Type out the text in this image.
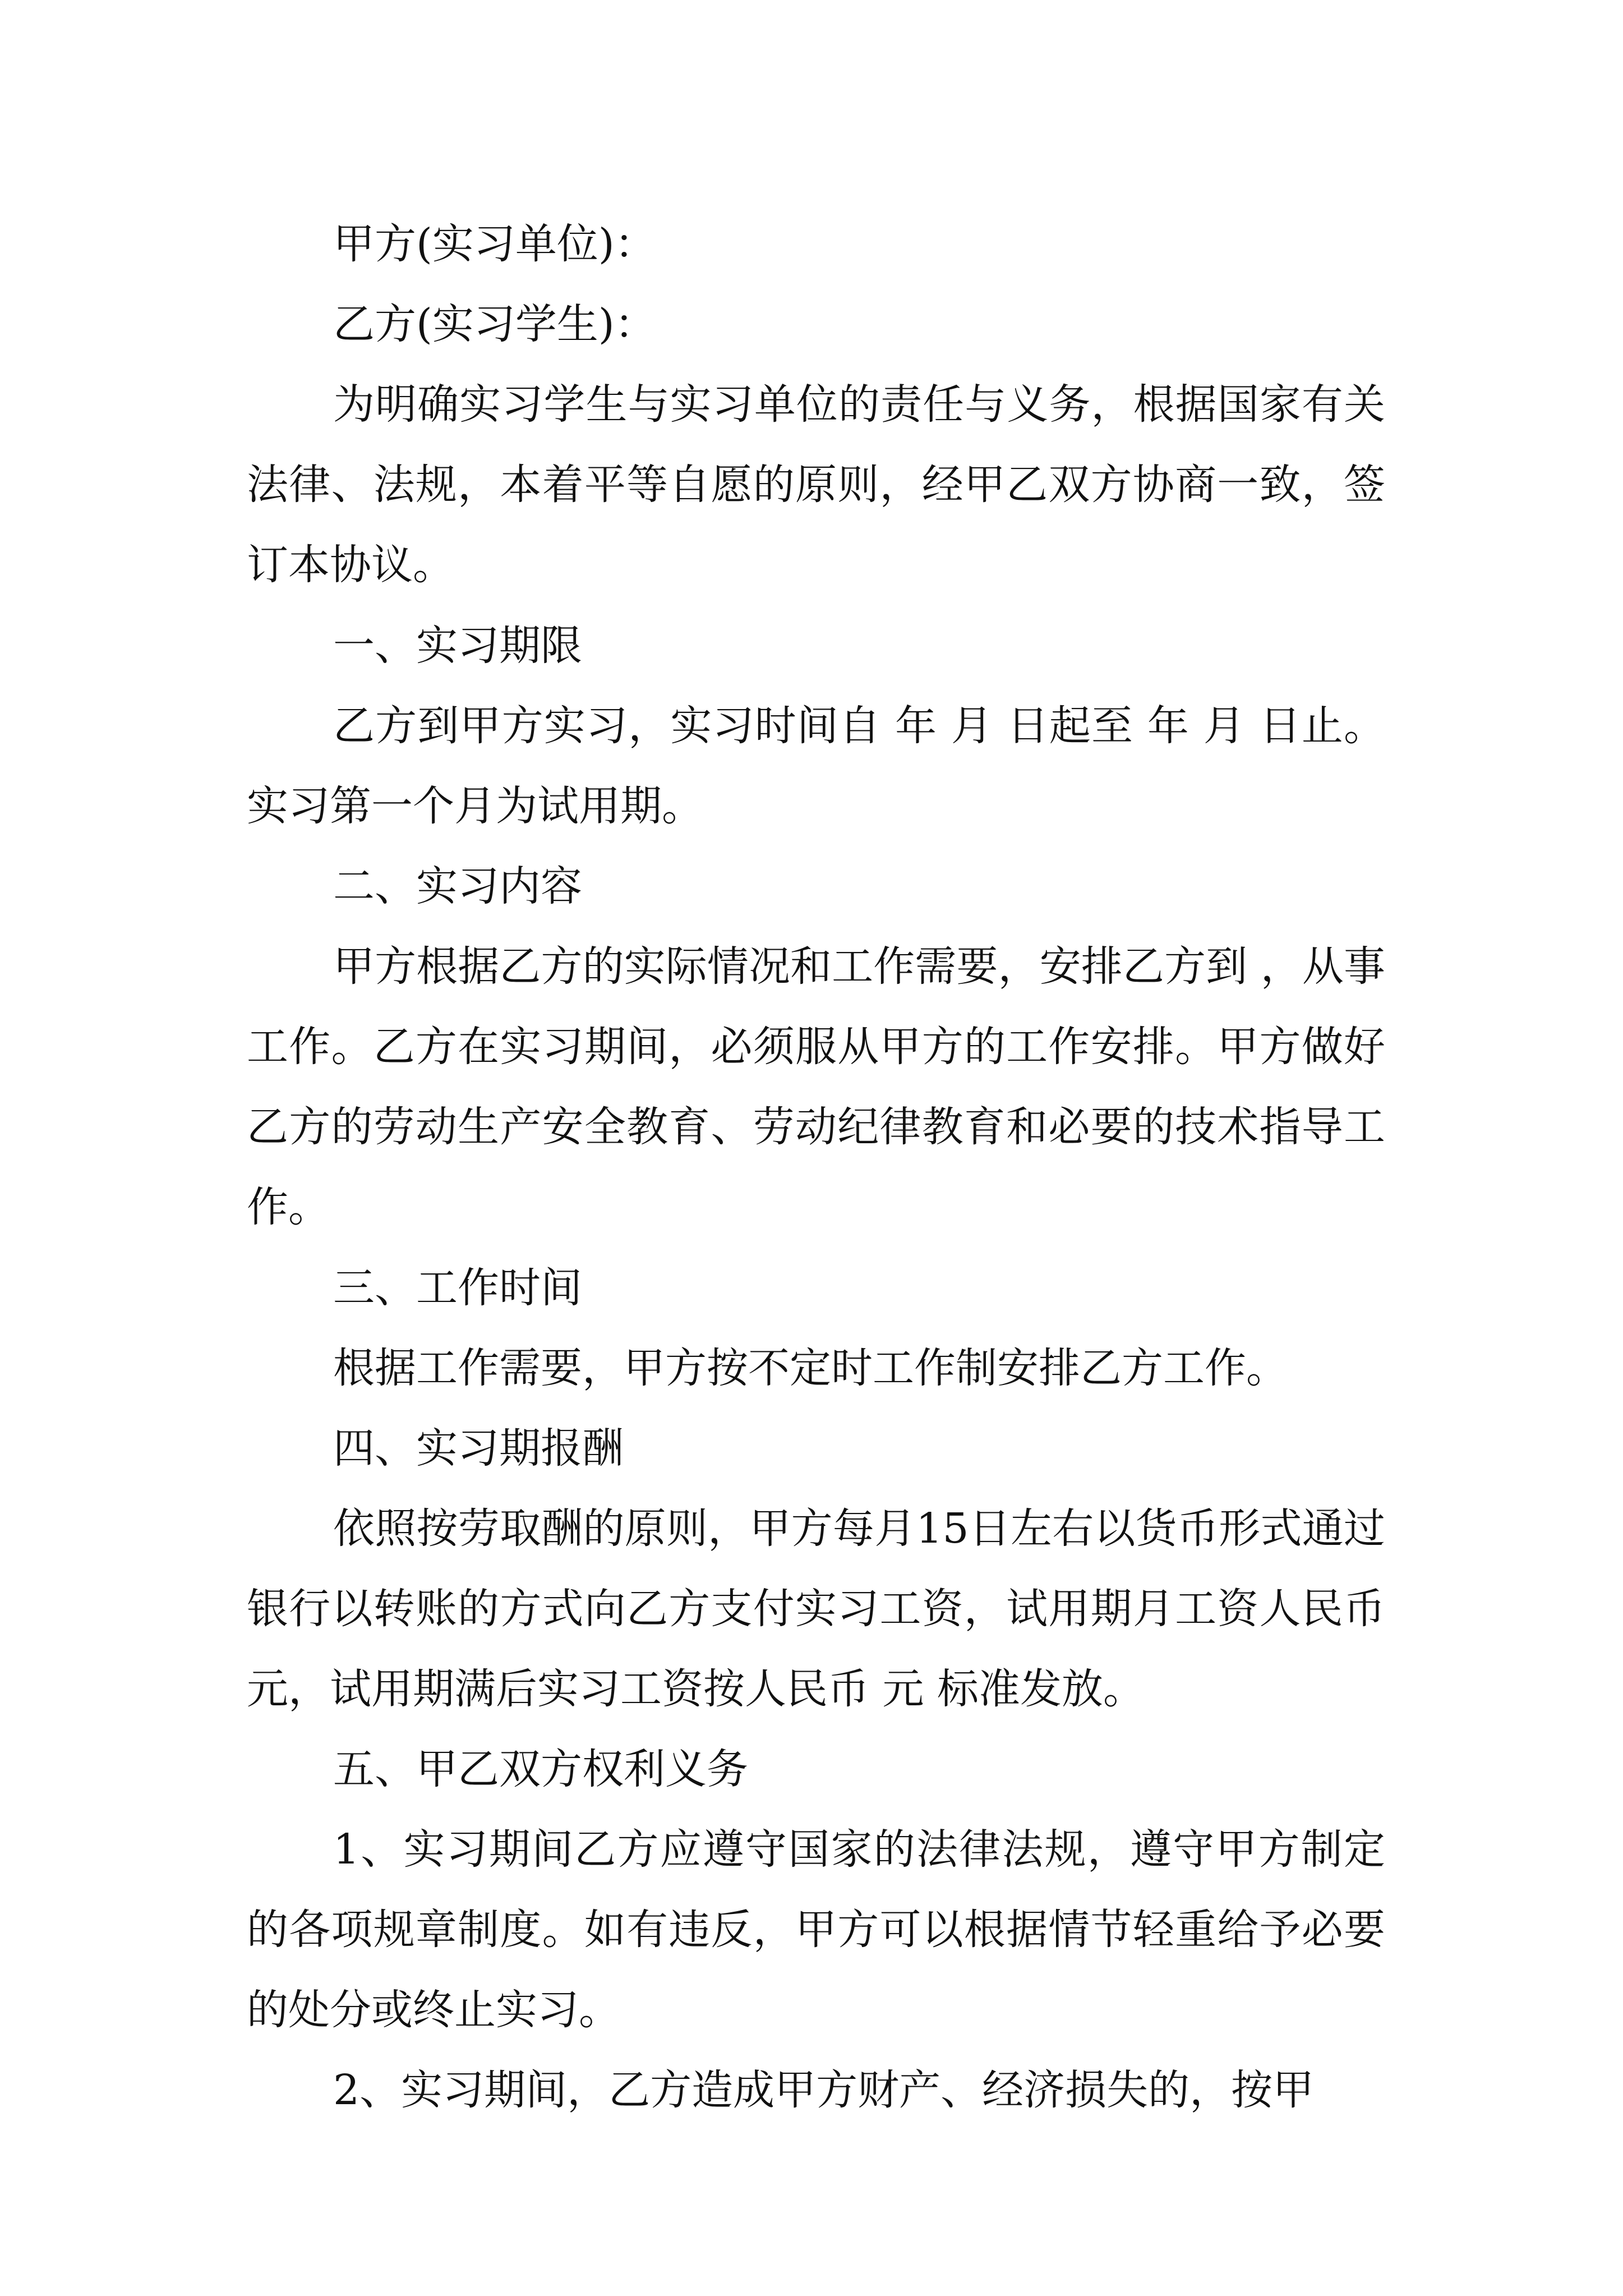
甲方(实习单位)：

乙方(实习学生)：

为明确实习学生与实习单位的责任与义务，根据国家有关法律、法规，本着平等自愿的原则，经甲乙双方协商一致，签订本协议。

一、实习期限

乙方到甲方实习，实习时间自 年 月 日起至 年 月 日止。实习第一个月为试用期。

二、实习内容

甲方根据乙方的实际情况和工作需要，安排乙方到 ，从事 工作。乙方在实习期间，必须服从甲方的工作安排。甲方做好乙方的劳动生产安全教育、劳动纪律教育和必要的技术指导工作。

三、工作时间

根据工作需要，甲方按不定时工作制安排乙方工作。

四、实习期报酬

依照按劳取酬的原则，甲方每月15日左右以货币形式通过银行以转账的方式向乙方支付实习工资，试用期月工资人民币 元，试用期满后实习工资按人民币 元 标准发放。

五、甲乙双方权利义务

1、实习期间乙方应遵守国家的法律法规，遵守甲方制定的各项规章制度。如有违反，甲方可以根据情节轻重给予必要的处分或终止实习。

2、实习期间，乙方造成甲方财产、经济损失的，按甲
